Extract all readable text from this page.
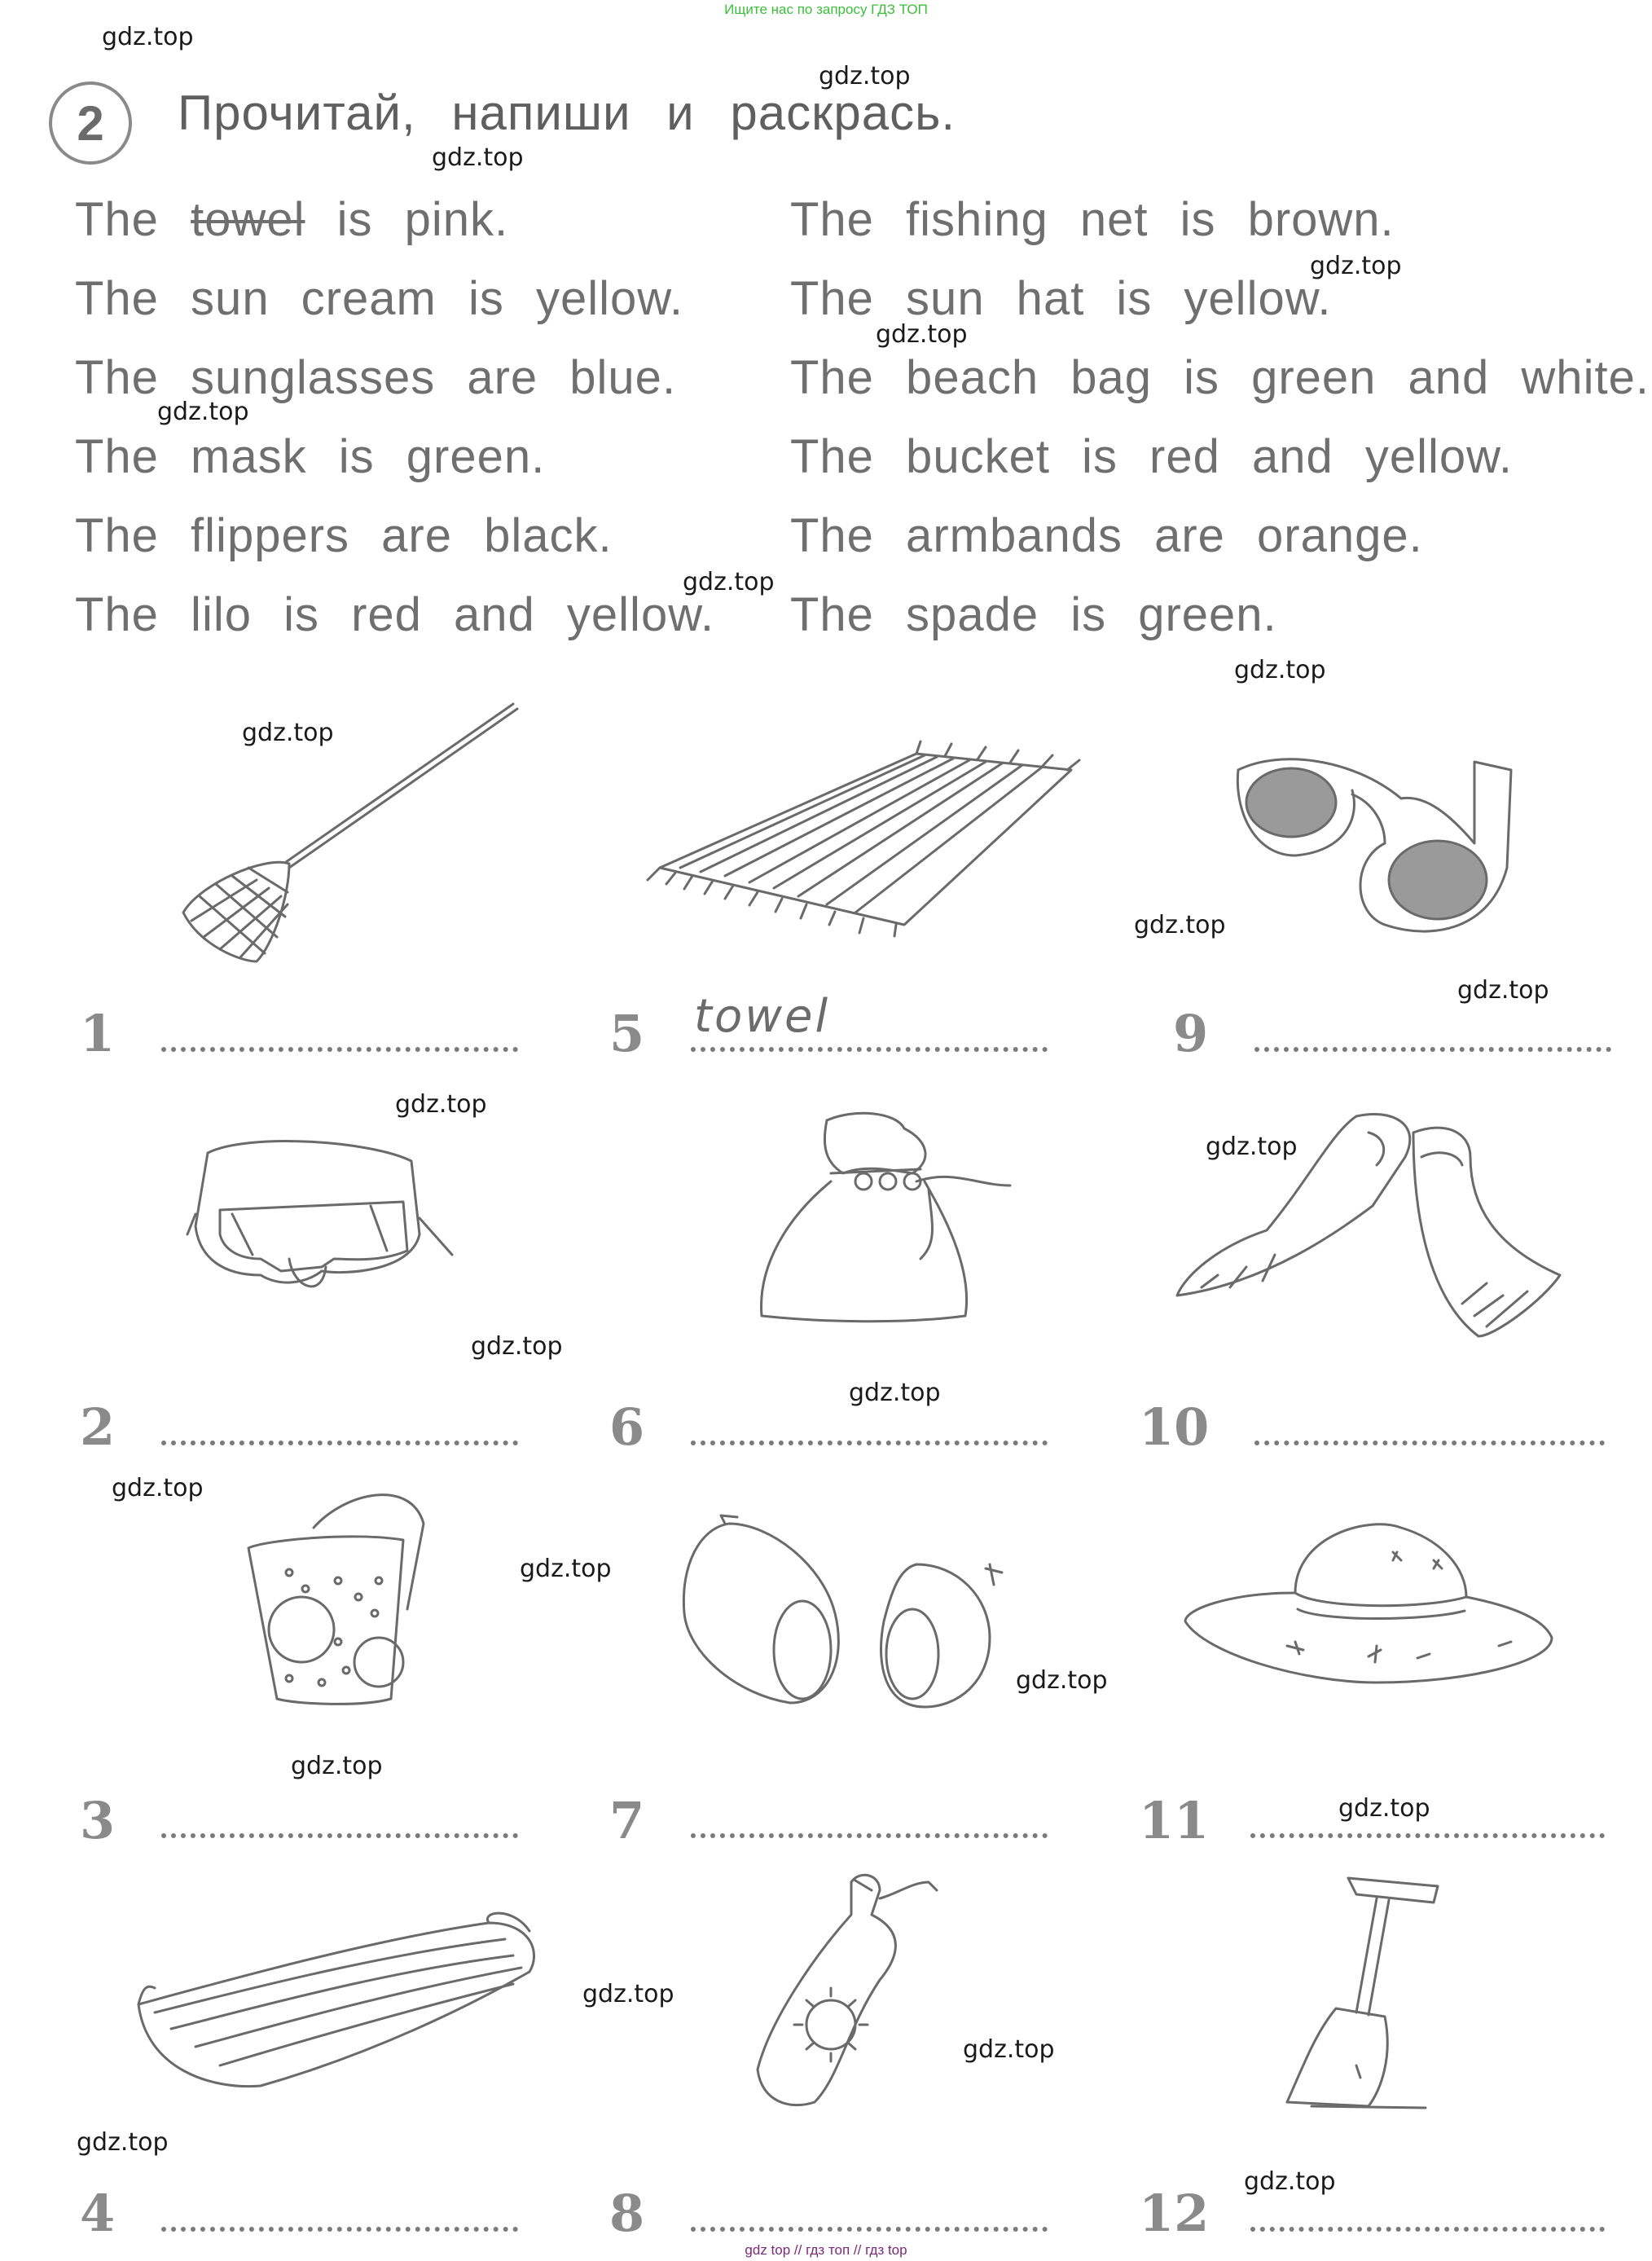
Ищите нас по запросу ГДЗ ТОП
gdz.top
gdz.top
gdz.top
gdz.top
gdz.top
gdz.top
gdz.top
gdz.top
gdz.top
gdz.top
gdz.top
gdz.top
gdz.top
gdz.top
gdz.top
gdz.top
gdz.top
gdz.top
gdz.top
gdz.top
gdz.top
gdz.top
gdz.top
gdz.top
2	Прочитай, напиши и раскрась.
The towel is pink.
The sun cream is yellow.
The sunglasses are blue.
The mask is green.
The flippers are black.
The lilo is red and yellow.
The fishing net is brown.
The sun hat is yellow.
The beach bag is green and white.
The bucket is red and yellow.
The armbands are orange.
The spade is green.
1
2
3
4
5 towel
6
7
8
9
10
11
12
gdz top // гдз топ // гдз top
